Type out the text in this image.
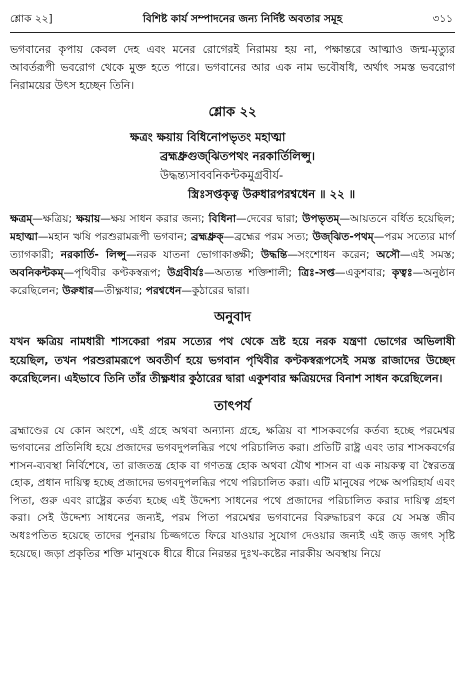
শ্লোক ২২]	বিশিষ্ট কার্য সম্পাদনের জন্য নির্দিষ্ট অবতার সমূহ	৩১১

ভগবানের কৃপায় কেবল দেহ এবং মনের রোগেরই নিরাময় হয় না, পক্ষান্তরে আত্মাও জন্ম-মৃত্যুর আবর্তরূপী ভবরোগ থেকে মুক্ত হতে পারে। ভগবানের আর এক নাম ভবৌষধি, অর্থাৎ সমস্ত ভবরোগ নিরাময়ের উৎস হচ্ছেন তিনি।

শ্লোক ২২
ক্ষত্রং ক্ষয়ায় বিধিনোপভৃতং মহাত্মা
ব্রহ্মধ্রুগুজ্‌ঝিতপথং নরকার্তিলিপ্সু।
উদ্ধন্ত্যসাববনিকন্টকমুগ্রবীর্য-
স্ত্রিঃসপ্তকৃত্ব উরুধারপরশ্বধেন ॥ ২২ ॥

ক্ষত্রম্—ক্ষত্রিয়; ক্ষয়ায়—ক্ষয় সাধন করার জন্য; বিধিনা—দেবের দ্বারা; উপভৃতম্—আয়তনে বর্ধিত হয়েছিল; মহাত্মা—মহান ঋষি পরশুরামরূপী ভগবান; ব্রহ্মধ্রুক্—ব্রহ্মের পরম সত্য; উজ্‌ঝিত-পথম্—পরম সত্যের মার্গ ত্যাগকারী; নরকার্তি- লিপ্সু—নরক যাতনা ভোগাকাঙ্ক্ষী; উদ্ধন্তি—সংশোধন করেন; অসৌ—এই সমস্ত; অবনিকন্টকম্—পৃথিবীর কণ্টকস্বরূপ; উগ্রবীর্যঃ—অত্যন্ত শক্তিশালী; ত্রিঃ-সপ্ত—একুশবার; কৃত্বঃ—অনুষ্ঠান করেছিলেন; উরুধার—তীক্ষ্ণধার; পরশ্বধেন—কুঠারের দ্বারা।

অনুবাদ

যখন ক্ষত্রিয় নামধারী শাসকেরা পরম সত্যের পথ থেকে ভ্রষ্ট হয়ে নরক যন্ত্রণা ভোগের অভিলাষী হয়েছিল, তখন পরশুরামরূপে অবতীর্ণ হয়ে ভগবান পৃথিবীর কণ্টকস্বরূপসেই সমস্ত রাজাদের উচ্ছেদ করেছিলেন। এইভাবে তিনি তাঁর তীক্ষ্ণধার কুঠারের দ্বারা একুশবার ক্ষত্রিয়দের বিনাশ সাধন করেছিলেন।

তাৎপর্য

ব্রহ্মাণ্ডের যে কোন অংশে, এই গ্রহে অথবা অন্যান্য গ্রহে, ক্ষত্রিয় বা শাসকবর্গের কর্তব্য হচ্ছে পরমেশ্বর ভগবানের প্রতিনিধি হয়ে প্রজাদের ভগবদুপলব্ধির পথে পরিচালিত করা। প্রতিটি রাষ্ট্র এবং তার শাসকবর্গের শাসন-ব্যবস্থা নির্বিশেষে, তা রাজতন্ত্র হোক বা গণতন্ত্র হোক অথবা যৌথ শাসন বা এক নায়কত্ব বা স্বৈরতন্ত্র হোক, প্রধান দায়িত্ব হচ্ছে প্রজাদের ভগবদুপলব্ধির পথে পরিচালিত করা। এটি মানুষের পক্ষে অপরিহার্য এবং পিতা, গুরু এবং রাষ্ট্রের কর্তব্য হচ্ছে এই উদ্দেশ্য সাধনের পথে প্রজাদের পরিচালিত করার দায়িত্ব গ্রহণ করা। সেই উদ্দেশ্য সাধনের জন্যই, পরম পিতা পরমেশ্বর ভগবানের বিরুদ্ধাচরণ করে যে সমস্ত জীব অধঃপতিত হয়েছে তাদের পুনরায় চিজ্জগতে ফিরে যাওয়ার সুযোগ দেওয়ার জন্যই এই জড় জগৎ সৃষ্টি হয়েছে। জড়া প্রকৃতির শক্তি মানুষকে ধীরে ধীরে নিরন্তর দুঃখ-কষ্টের নারকীয় অবস্থায় নিয়ে
